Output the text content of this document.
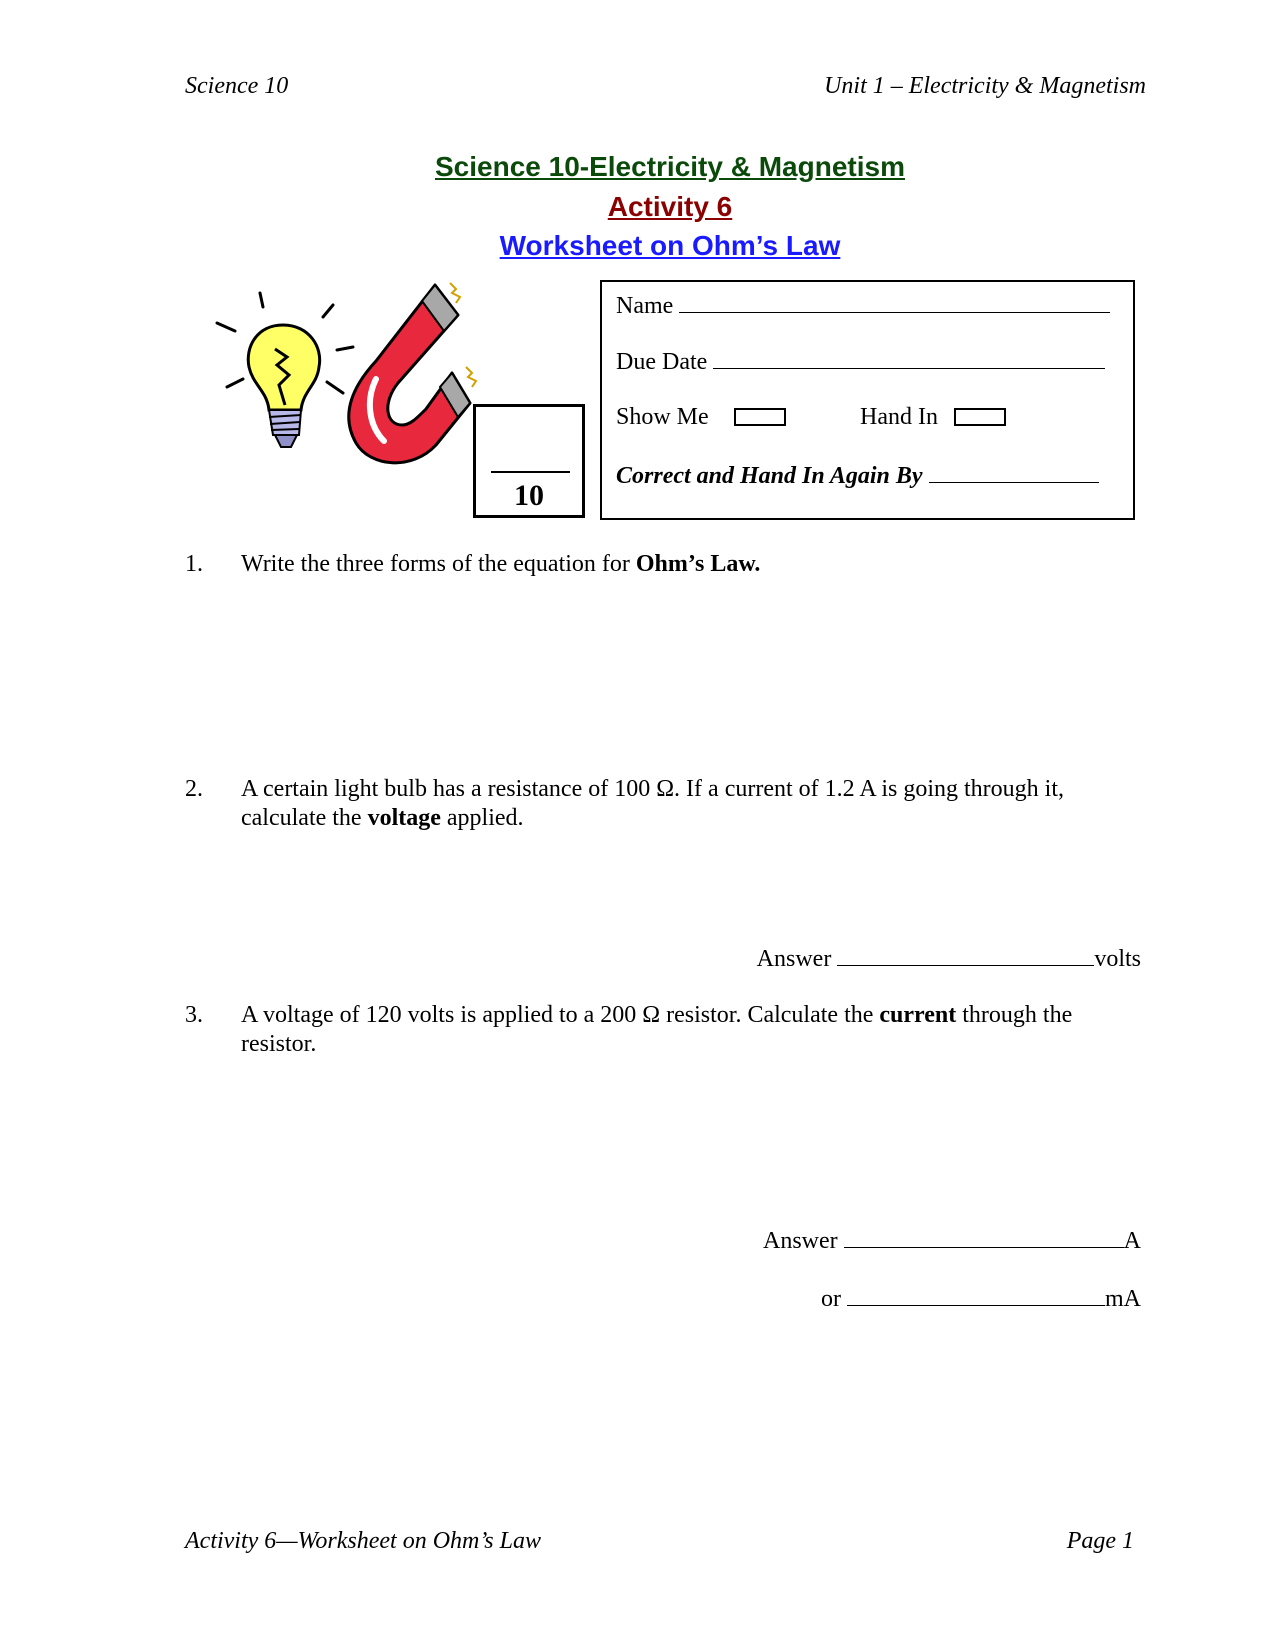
Science 10	Unit 1 – Electricity & Magnetism
Science 10-Electricity & Magnetism
Activity 6
Worksheet on Ohm’s Law
10
Name
Due Date
Show Me	Hand In
Correct and Hand In Again By
1. Write the three forms of the equation for Ohm’s Law.
2. A certain light bulb has a resistance of 100 Ω. If a current of 1.2 A is going through it, calculate the voltage applied.
Answer	volts
3. A voltage of 120 volts is applied to a 200 Ω resistor. Calculate the current through the resistor.
Answer	A
or	mA
Activity 6—Worksheet on Ohm’s Law	Page 1
